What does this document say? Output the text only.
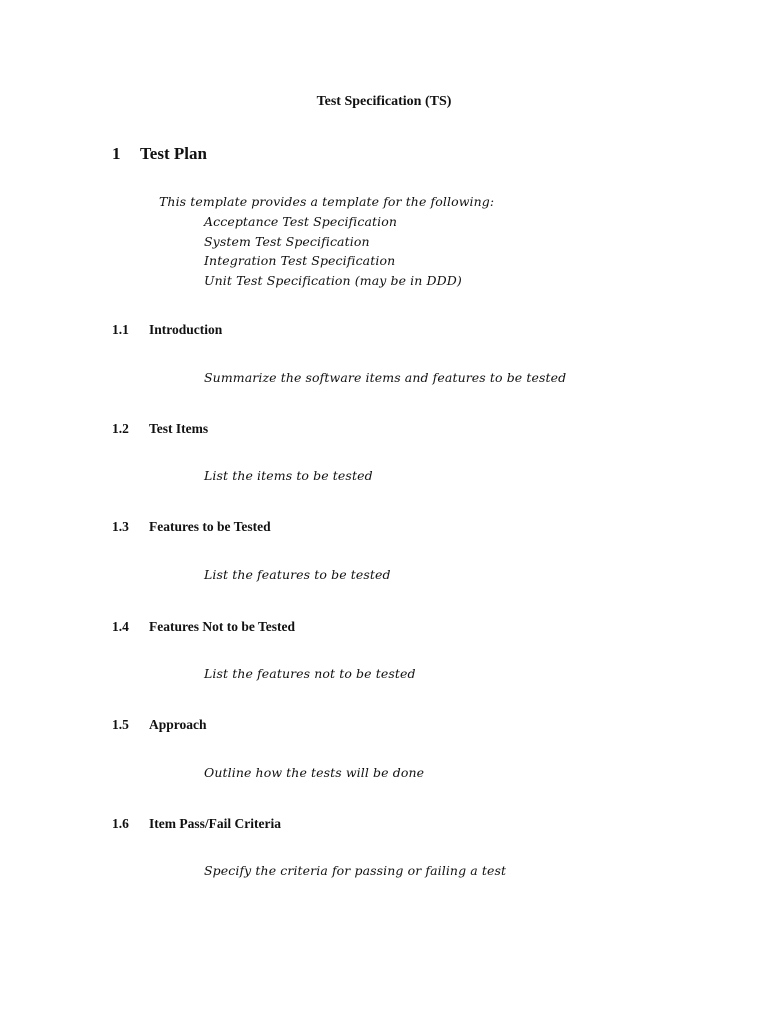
Test Specification (TS)
1 Test Plan
This template provides a template for the following:
Acceptance Test Specification
System Test Specification
Integration Test Specification
Unit Test Specification (may be in DDD)
1.1 Introduction
Summarize the software items and features to be tested
1.2 Test Items
List the items to be tested
1.3 Features to be Tested
List the features to be tested
1.4 Features Not to be Tested
List the features not to be tested
1.5 Approach
Outline how the tests will be done
1.6 Item Pass/Fail Criteria
Specify the criteria for passing or failing a test
